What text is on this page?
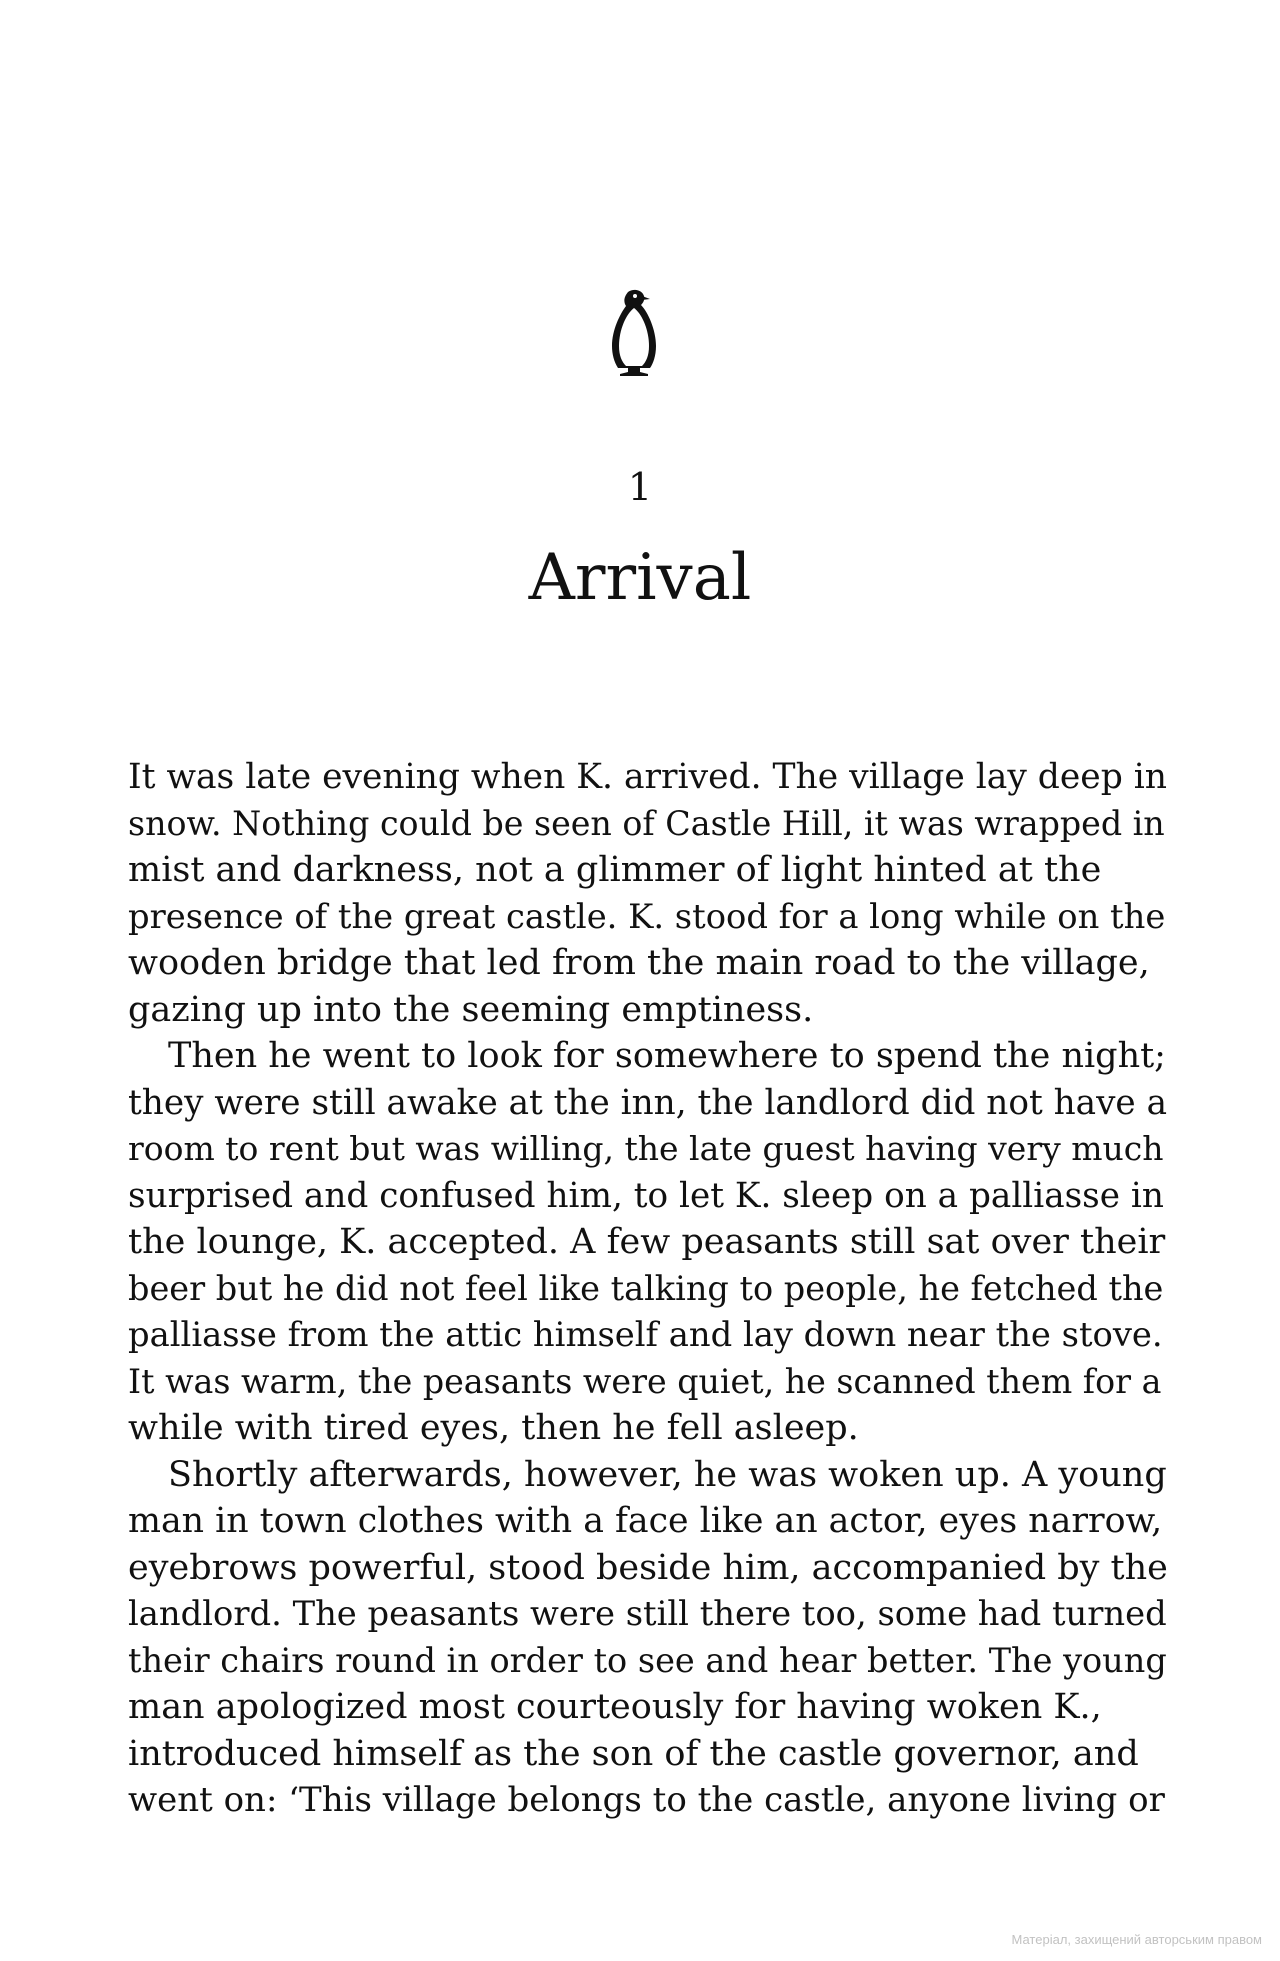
1
Arrival
It was late evening when K. arrived. The village lay deep in
snow. Nothing could be seen of Castle Hill, it was wrapped in
mist and darkness, not a glimmer of light hinted at the
presence of the great castle. K. stood for a long while on the
wooden bridge that led from the main road to the village,
gazing up into the seeming emptiness.
Then he went to look for somewhere to spend the night;
they were still awake at the inn, the landlord did not have a
room to rent but was willing, the late guest having very much
surprised and confused him, to let K. sleep on a palliasse in
the lounge, K. accepted. A few peasants still sat over their
beer but he did not feel like talking to people, he fetched the
palliasse from the attic himself and lay down near the stove.
It was warm, the peasants were quiet, he scanned them for a
while with tired eyes, then he fell asleep.
Shortly afterwards, however, he was woken up. A young
man in town clothes with a face like an actor, eyes narrow,
eyebrows powerful, stood beside him, accompanied by the
landlord. The peasants were still there too, some had turned
their chairs round in order to see and hear better. The young
man apologized most courteously for having woken K.,
introduced himself as the son of the castle governor, and
went on: ‘This village belongs to the castle, anyone living or
Матеріал, захищений авторським правом
